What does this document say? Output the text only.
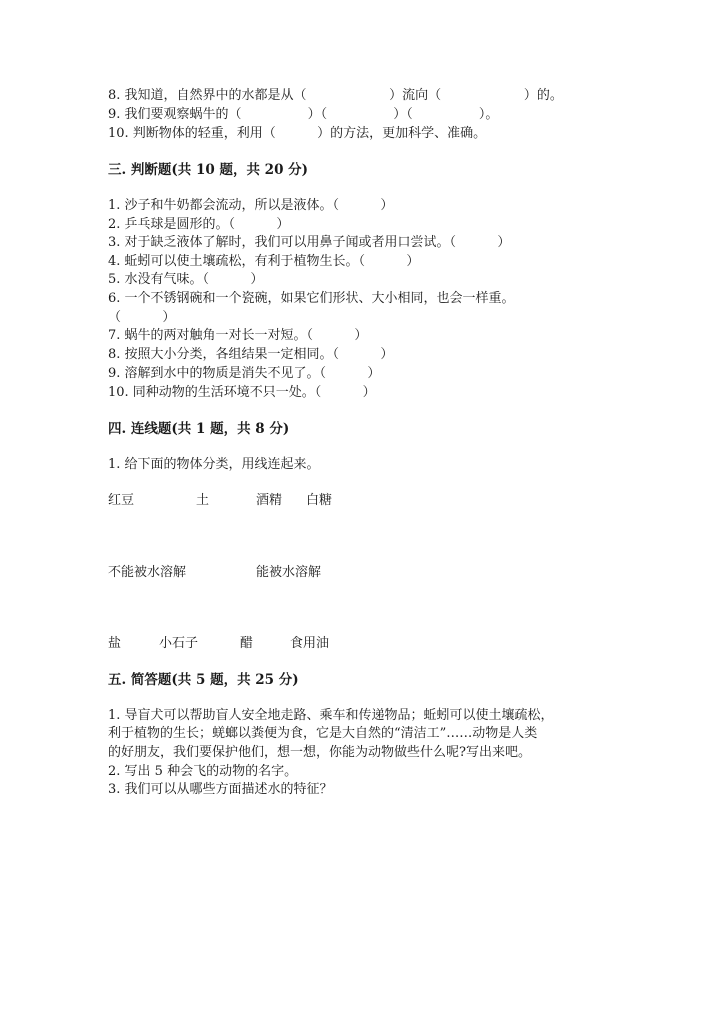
8. 我知道，自然界中的水都是从（                    ）流向（                    ）的。
9. 我们要观察蜗牛的（                ）（                ）（                ）。
10. 判断物体的轻重，利用（          ）的方法，更加科学、准确。
三. 判断题(共 10 题，共 20 分)
1. 沙子和牛奶都会流动，所以是液体。（          ）
2. 乒乓球是圆形的。（          ）
3. 对于缺乏液体了解时，我们可以用鼻子闻或者用口尝试。（          ）
4. 蚯蚓可以使土壤疏松，有利于植物生长。（          ）
5. 水没有气味。（          ）
6. 一个不锈钢碗和一个瓷碗，如果它们形状、大小相同，也会一样重。
（          ）
7. 蜗牛的两对触角一对长一对短。（          ）
8. 按照大小分类，各组结果一定相同。（          ）
9. 溶解到水中的物质是消失不见了。（          ）
10. 同种动物的生活环境不只一处。（          ）
四. 连线题(共 1 题，共 8 分)
1. 给下面的物体分类，用线连起来。
红豆	土	酒精 白糖
不能被水溶解	能被水溶解
盐	小石子	醋	食用油
五. 简答题(共 5 题，共 25 分)
1. 导盲犬可以帮助盲人安全地走路、乘车和传递物品；蚯蚓可以使土壤疏松，
利于植物的生长；蜣螂以粪便为食，它是大自然的“清洁工”……动物是人类
的好朋友，我们要保护他们，想一想，你能为动物做些什么呢?写出来吧。
2. 写出 5 种会飞的动物的名字。
3. 我们可以从哪些方面描述水的特征？
